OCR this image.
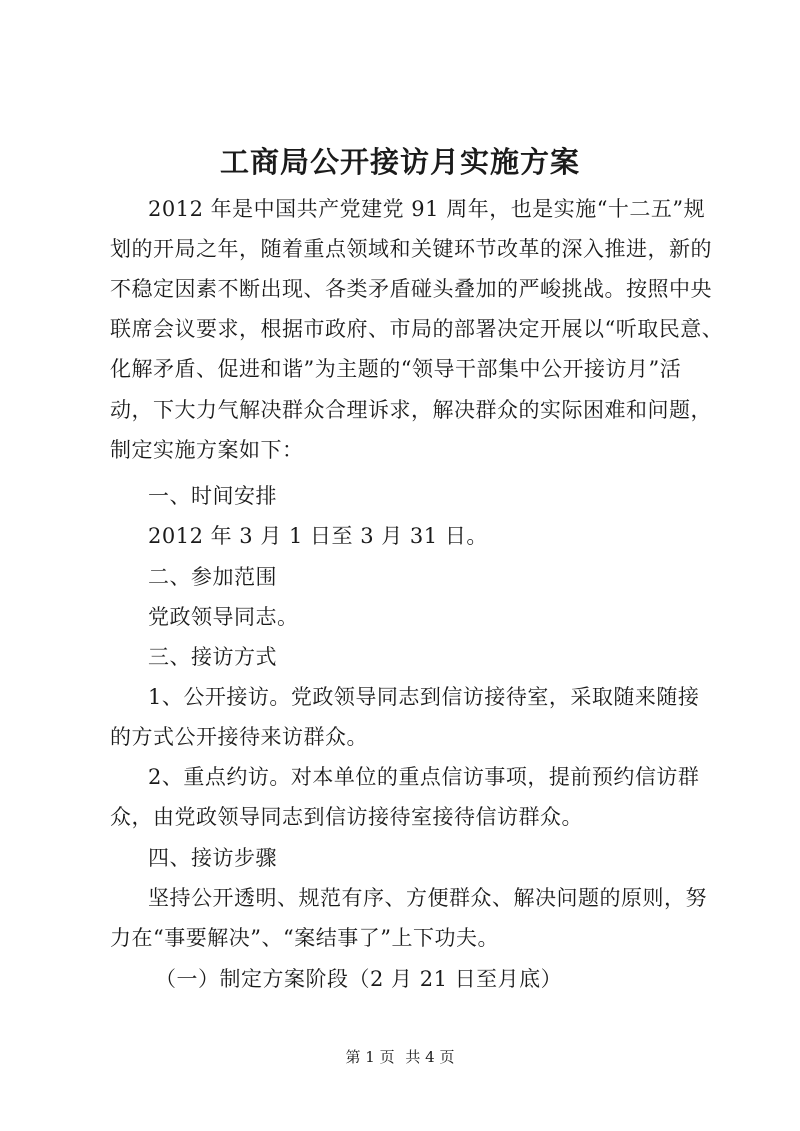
工商局公开接访月实施方案
2012 年是中国共产党建党 91 周年，也是实施“十二五”规
划的开局之年，随着重点领域和关键环节改革的深入推进，新的
不稳定因素不断出现、各类矛盾碰头叠加的严峻挑战。按照中央
联席会议要求，根据市政府、市局的部署决定开展以“听取民意、
化解矛盾、促进和谐”为主题的“领导干部集中公开接访月”活
动，下大力气解决群众合理诉求，解决群众的实际困难和问题，
制定实施方案如下：
一、时间安排
2012 年 3 月 1 日至 3 月 31 日。
二、参加范围
党政领导同志。
三、接访方式
1、公开接访。党政领导同志到信访接待室，采取随来随接
的方式公开接待来访群众。
2、重点约访。对本单位的重点信访事项，提前预约信访群
众，由党政领导同志到信访接待室接待信访群众。
四、接访步骤
坚持公开透明、规范有序、方便群众、解决问题的原则，努
力在“事要解决”、“案结事了”上下功夫。
（一）制定方案阶段（2 月 21 日至月底）
第 1 页 共 4 页
